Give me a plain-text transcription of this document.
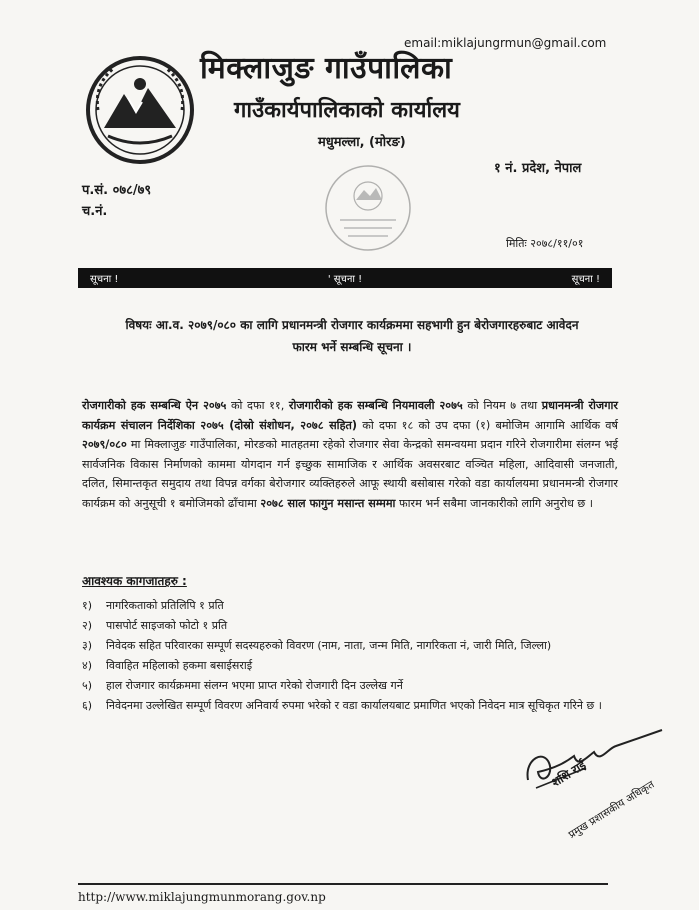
email:miklajungrmun@gmail.com
मिक्लाजुङ गाउँपालिका
गाउँकार्यपालिकाको कार्यालय
मधुमल्ला, (मोरङ)
१ नं. प्रदेश, नेपाल
प.सं. ०७८/७९
च.नं.
मितिः २०७८/११/०१
सूचना !	' सूचना !	सूचना !
विषयः आ.व. २०७९/०८० का लागि प्रधानमन्त्री रोजगार कार्यक्रममा सहभागी हुन बेरोजगारहरुबाट आवेदन
फारम भर्ने सम्बन्धि सूचना ।
रोजगारीको हक सम्बन्धि ऐन २०७५ को दफा ११, रोजगारीको हक सम्बन्धि नियमावली २०७५ को नियम ७ तथा प्रधानमन्त्री रोजगार कार्यक्रम संचालन निर्देशिका २०७५ (दोस्रो संशोधन, २०७८ सहित) को दफा १८ को उप दफा (१) बमोजिम आगामि आर्थिक वर्ष २०७९/०८० मा मिक्लाजुङ गाउँपालिका, मोरङको मातहतमा रहेको रोजगार सेवा केन्द्रको समन्वयमा प्रदान गरिने रोजगारीमा संलग्न भई सार्वजनिक विकास निर्माणको काममा योगदान गर्न इच्छुक सामाजिक र आर्थिक अवसरबाट वञ्चित महिला, आदिवासी जनजाती, दलित, सिमान्तकृत समुदाय तथा विपन्न वर्गका बेरोजगार व्यक्तिहरुले आफू स्थायी बसोबास गरेको वडा कार्यालयमा प्रधानमन्त्री रोजगार कार्यक्रम को अनुसूची १ बमोजिमको ढाँचामा २०७८ साल फागुन मसान्त सम्ममा फारम भर्न सबैमा जानकारीको लागि अनुरोध छ ।
आवश्यक कागजातहरु :
१)	नागरिकताको प्रतिलिपि १ प्रति
२)	पासपोर्ट साइजको फोटो १ प्रति
३)	निवेदक सहित परिवारका सम्पूर्ण सदस्यहरुको विवरण (नाम, नाता, जन्म मिति, नागरिकता नं, जारी मिति, जिल्ला)
४)	विवाहित महिलाको हकमा बसाईसराई
५)	हाल रोजगार कार्यक्रममा संलग्न भएमा प्राप्त गरेको रोजगारी दिन उल्लेख गर्ने
६)	निवेदनमा उल्लेखित सम्पूर्ण विवरण अनिवार्य रुपमा भरेको र वडा कार्यालयबाट प्रमाणित भएको निवेदन मात्र सूचिकृत गरिने छ ।
शशि राई
प्रमुख प्रशासकीय अधिकृत
http://www.miklajungmunmorang.gov.np
